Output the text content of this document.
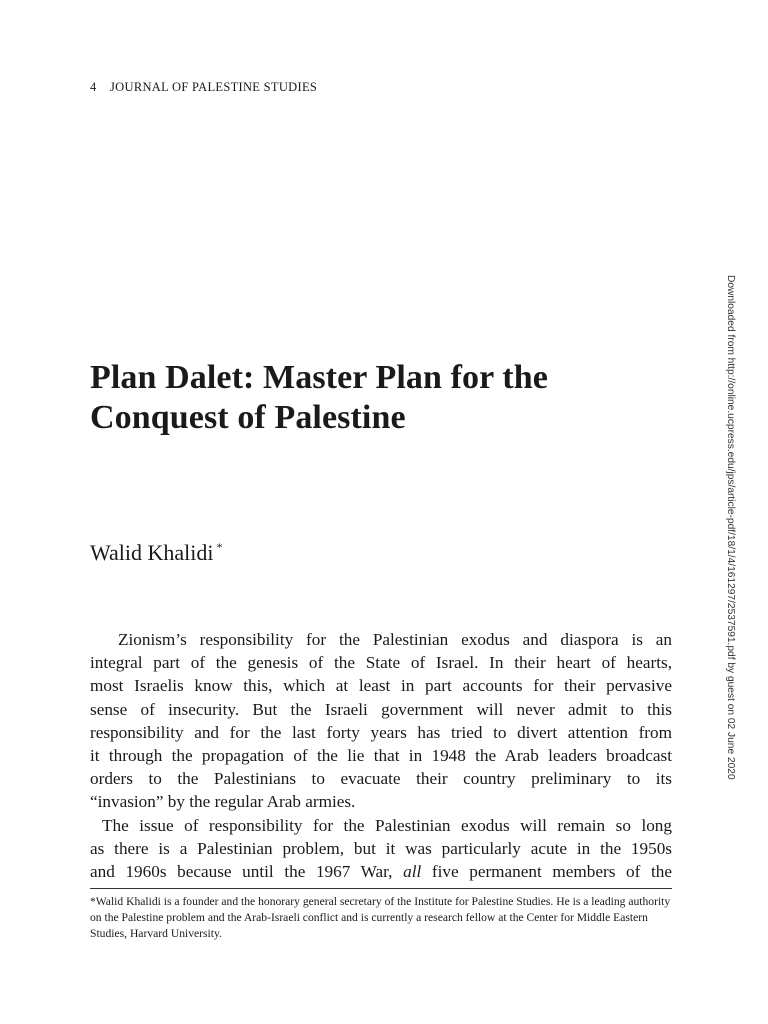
4 JOURNAL OF PALESTINE STUDIES
Plan Dalet: Master Plan for the
Conquest of Palestine
Walid Khalidi *
Zionism’s responsibility for the Palestinian exodus and diaspora is an
integral part of the genesis of the State of Israel. In their heart of hearts,
most Israelis know this, which at least in part accounts for their pervasive
sense of insecurity. But the Israeli government will never admit to this
responsibility and for the last forty years has tried to divert attention from
it through the propagation of the lie that in 1948 the Arab leaders broadcast
orders to the Palestinians to evacuate their country preliminary to its
“invasion” by the regular Arab armies.
The issue of responsibility for the Palestinian exodus will remain so long
as there is a Palestinian problem, but it was particularly acute in the 1950s
and 1960s because until the 1967 War, all five permanent members of the
*Walid Khalidi is a founder and the honorary general secretary of the Institute for Palestine Studies. He is a leading authority on the Palestine problem and the Arab-Israeli conflict and is currently a research fellow at the Center for Middle Eastern Studies, Harvard University.
Downloaded from http://online.ucpress.edu/jps/article-pdf/18/1/4/161297/2537591.pdf by guest on 02 June 2020
